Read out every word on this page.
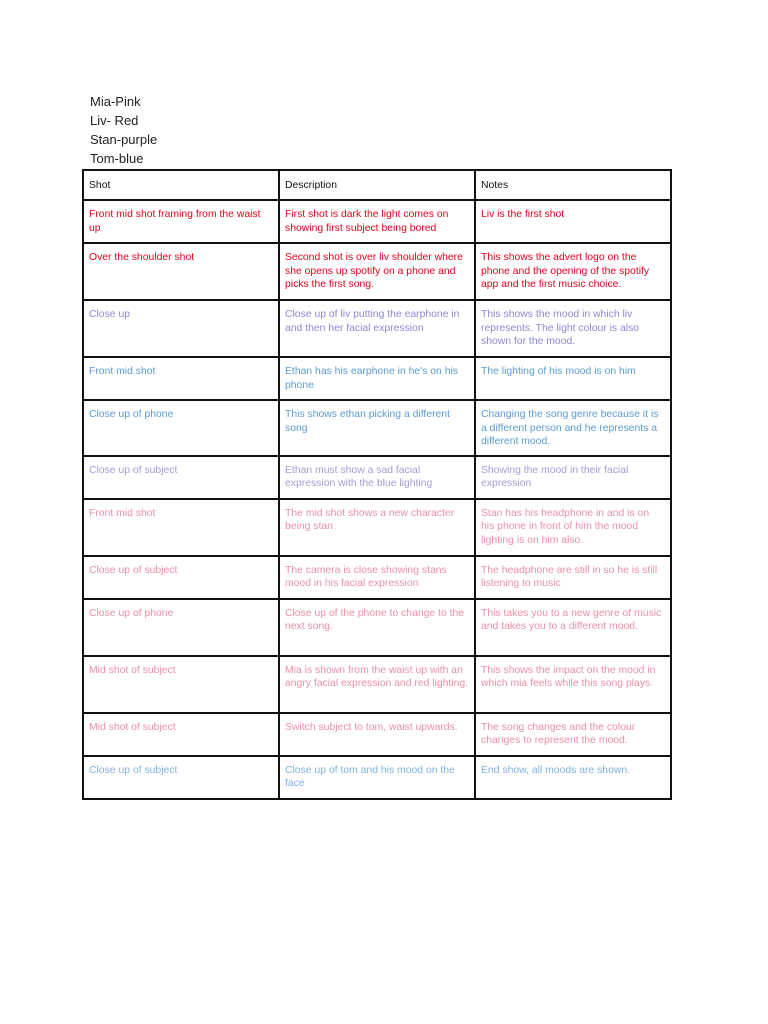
Mia-Pink
Liv- Red
Stan-purple
Tom-blue
Shot	Description	Notes
Front mid shot framing from the waist up	First shot is dark the light comes on showing first subject being bored	Liv is the first shot
Over the shoulder shot	Second shot is over liv shoulder where she opens up spotify on a phone and picks the first song.	This shows the advert logo on the phone and the opening of the spotify app and the first music choice.
Close up	Close up of liv putting the earphone in and then her facial expression	This shows the mood in which liv represents. The light colour is also shown for the mood.
Front mid shot	Ethan has his earphone in he's on his phone	The lighting of his mood is on him
Close up of phone	This shows ethan picking a different song	Changing the song genre because it is a different person and he represents a different mood.
Close up of subject	Ethan must show a sad facial expression with the blue lighting	Showing the mood in their facial expression
Front mid shot	The mid shot shows a new character being stan	Stan has his headphone in and is on his phone in front of him the mood lighting is on him also.
Close up of subject	The camera is close showing stans mood in his facial expression	The headphone are still in so he is still listening to music
Close up of phone	Close up of the phone to change to the next song.	This takes you to a new genre of music and takes you to a different mood.
Mid shot of subject	Mia is shown from the waist up with an angry facial expression and red lighting.	This shows the impact on the mood in which mia feels while this song plays.
Mid shot of subject	Switch subject to tom, waist upwards.	The song changes and the colour changes to represent the mood.
Close up of subject	Close up of tom and his mood on the face	End show, all moods are shown.
